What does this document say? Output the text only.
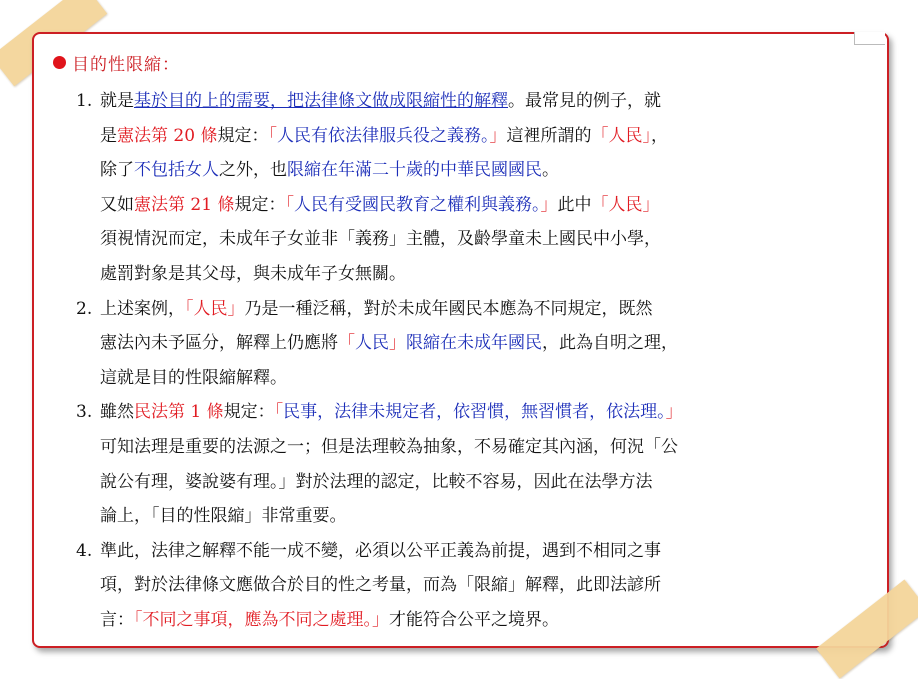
目的性限縮：
1. 就是基於目的上的需要，把法律條文做成限縮性的解釋。最常見的例子，就
是憲法第 20 條規定：「人民有依法律服兵役之義務。」這裡所謂的「人民」，
除了不包括女人之外，也限縮在年滿二十歲的中華民國國民。
又如憲法第 21 條規定：「人民有受國民教育之權利與義務。」此中「人民」
須視情況而定，未成年子女並非「義務」主體，及齡學童未上國民中小學，
處罰對象是其父母，與未成年子女無關。
2. 上述案例，「人民」乃是一種泛稱，對於未成年國民本應為不同規定，既然
憲法內未予區分，解釋上仍應將「人民」限縮在未成年國民，此為自明之理，
這就是目的性限縮解釋。
3. 雖然民法第 1 條規定：「民事，法律未規定者，依習慣，無習慣者，依法理。」
可知法理是重要的法源之一；但是法理較為抽象，不易確定其內涵，何況「公
說公有理，婆說婆有理。」對於法理的認定，比較不容易，因此在法學方法
論上，「目的性限縮」非常重要。
4. 準此，法律之解釋不能一成不變，必須以公平正義為前提，遇到不相同之事
項，對於法律條文應做合於目的性之考量，而為「限縮」解釋，此即法諺所
言：「不同之事項，應為不同之處理。」才能符合公平之境界。
